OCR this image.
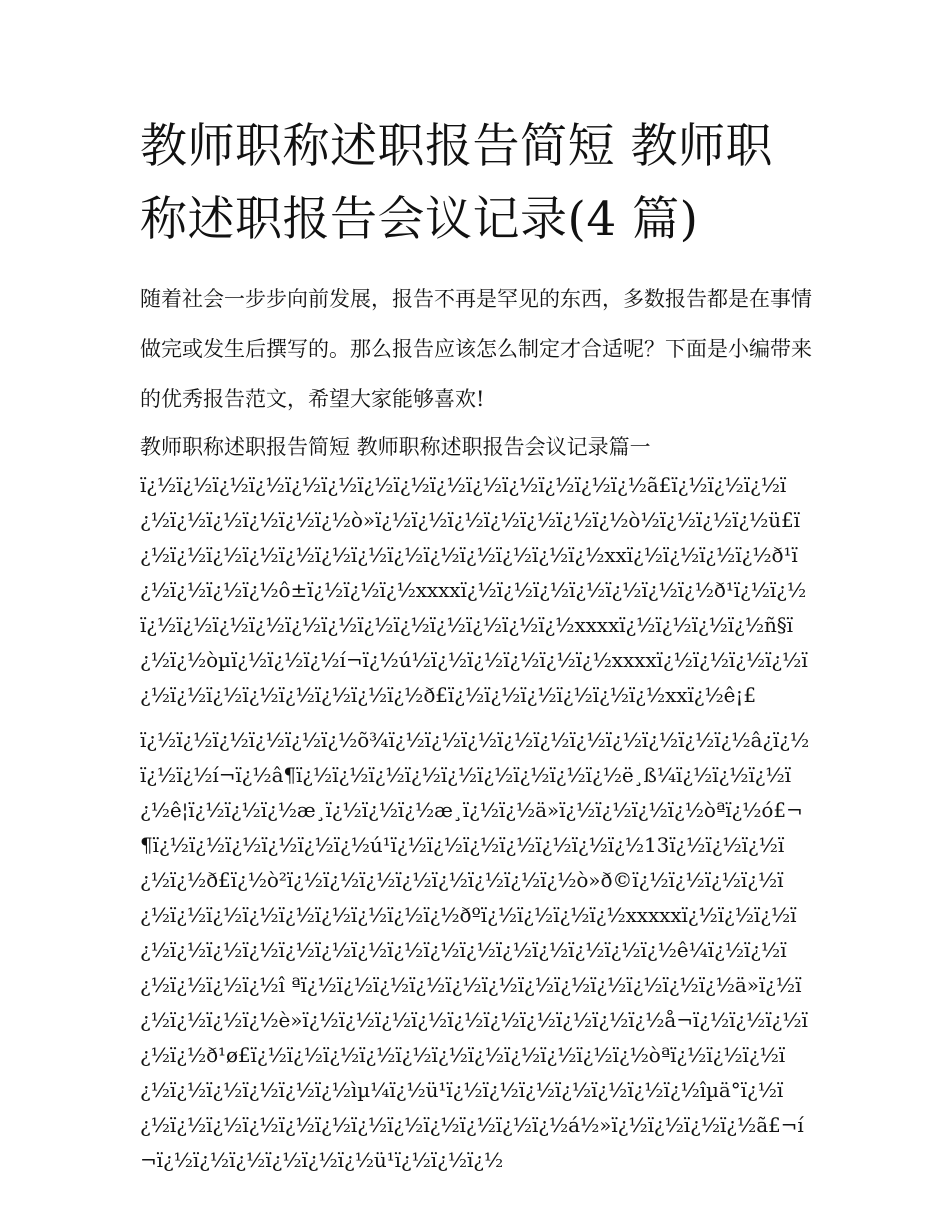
教师职称述职报告简短 教师职称述职报告会议记录(4 篇)

随着社会一步步向前发展，报告不再是罕见的东西，多数报告都是在事情做完或发生后撰写的。那么报告应该怎么制定才合适呢？下面是小编带来的优秀报告范文，希望大家能够喜欢!

教师职称述职报告简短 教师职称述职报告会议记录篇一

ï¿½ï¿½ï¿½ï¿½ï¿½ï¿½ï¿½ï¿½ï¿½ï¿½ï¿½ï¿½ï¿½ï¿½ã£ï¿½ï¿½ï¿½ï¿½ï¿½ï¿½ï¿½ï¿½ï¿½ò»ï¿½ï¿½ï¿½ï¿½ï¿½ï¿½ï¿½ò½ï¿½ï¿½ï¿½ü£ï¿½ï¿½ï¿½ï¿½ï¿½ï¿½ï¿½ï¿½ï¿½ï¿½ï¿½ï¿½ï¿½xxï¿½ï¿½ï¿½ï¿½ð¹ï¿½ï¿½ï¿½ï¿½ô±ï¿½ï¿½ï¿½xxxxï¿½ï¿½ï¿½ï¿½ï¿½ï¿½ï¿½ð¹ï¿½ï¿½ï¿½ï¿½ï¿½ï¿½ï¿½ï¿½ï¿½ï¿½ï¿½ï¿½ï¿½ï¿½xxxxï¿½ï¿½ï¿½ï¿½ñ§ï¿½ï¿½òµï¿½ï¿½ï¿½í¬ï¿½ú½ï¿½ï¿½ï¿½ï¿½ï¿½xxxxï¿½ï¿½ï¿½ï¿½ï¿½ï¿½ï¿½ï¿½ï¿½ï¿½ï¿½ï¿½ð£ï¿½ï¿½ï¿½ï¿½ï¿½ï¿½xxï¿½ê¡£

ï¿½ï¿½ï¿½ï¿½ï¿½ï¿½õ¾ï¿½ï¿½ï¿½ï¿½ï¿½ï¿½ï¿½ï¿½ï¿½ï¿½â¿ï¿½ï¿½ï¿½í¬ï¿½â¶ï¿½ï¿½ï¿½ï¿½ï¿½ï¿½ï¿½ï¿½ï¿½ë¸ß¼ï¿½ï¿½ï¿½ï¿½ê¦ï¿½ï¿½ï¿½æ¸ï¿½ï¿½ï¿½æ¸ï¿½ï¿½ä»ï¿½ï¿½ï¿½ï¿½òªï¿½ó£¬¶ï¿½ï¿½ï¿½ï¿½ï¿½ï¿½ú¹ï¿½ï¿½ï¿½ï¿½ï¿½ï¿½ï¿½13ï¿½ï¿½ï¿½ï¿½ï¿½ð£ï¿½ò²ï¿½ï¿½ï¿½ï¿½ï¿½ï¿½ï¿½ï¿½ò»ð©ï¿½ï¿½ï¿½ï¿½ï¿½ï¿½ï¿½ï¿½ï¿½ï¿½ï¿½ï¿½ï¿½ðºï¿½ï¿½ï¿½ï¿½xxxxxï¿½ï¿½ï¿½ï¿½ï¿½ï¿½ï¿½ï¿½ï¿½ï¿½ï¿½ï¿½ï¿½ï¿½ï¿½ï¿½ï¿½ï¿½ê¼ï¿½ï¿½ï¿½ï¿½ï¿½ï¿½î ªï¿½ï¿½ï¿½ï¿½ï¿½ï¿½ï¿½ï¿½ï¿½ï¿½ï¿½ï¿½ä»ï¿½ï¿½ï¿½ï¿½ï¿½è»ï¿½ï¿½ï¿½ï¿½ï¿½ï¿½ï¿½ï¿½ï¿½ï¿½å¬ï¿½ï¿½ï¿½ï¿½ï¿½ð¹ø£ï¿½ï¿½ï¿½ï¿½ï¿½ï¿½ï¿½ï¿½ï¿½ï¿½ï¿½òªï¿½ï¿½ï¿½ï¿½ï¿½ï¿½ï¿½ï¿½ï¿½ìµ¼ï¿½ü¹ï¿½ï¿½ï¿½ï¿½ï¿½ï¿½ï¿½îµä°ï¿½ï¿½ï¿½ï¿½ï¿½ï¿½ï¿½ï¿½ï¿½ï¿½ï¿½ï¿½ï¿½á½»ï¿½ï¿½ï¿½ï¿½ã£¬í¬ï¿½ï¿½ï¿½ï¿½ï¿½ï¿½ü¹ï¿½ï¿½ï¿½
